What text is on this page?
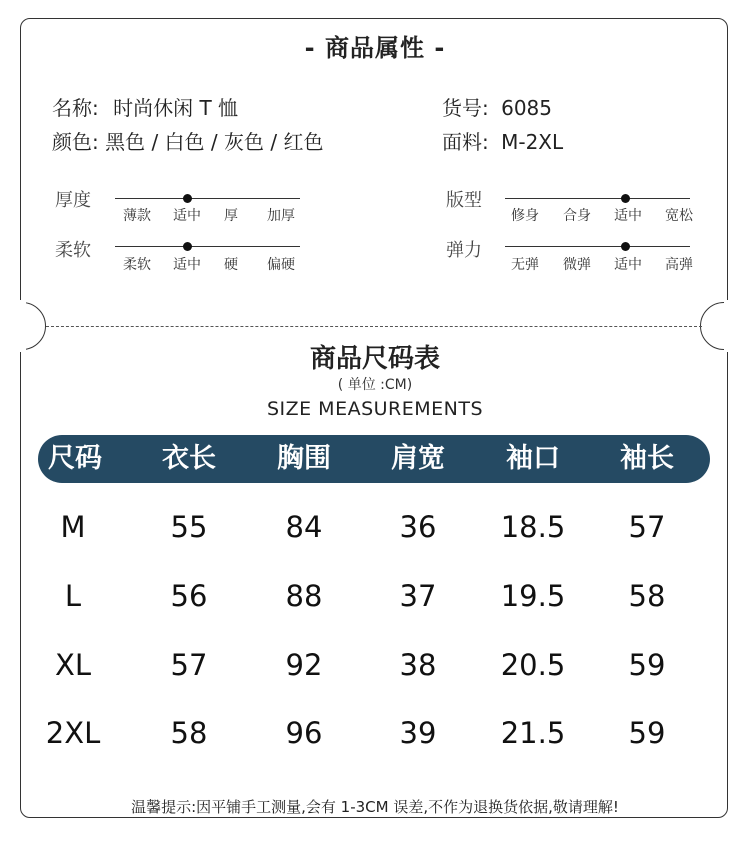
- 商品属性 -
名称: 时尚休闲 T 恤	货号: 6085
颜色: 黑色 / 白色 / 灰色 / 红色	面料: M-2XL
厚度
薄款 适中 厚 加厚
柔软
柔软 适中 硬 偏硬
版型
修身 合身 适中 宽松
弹力
无弹 微弹 适中 高弹
商品尺码表
( 单位 :CM)
SIZE MEASUREMENTS
尺码 衣长 胸围 肩宽 袖口 袖长
M	55	84	36 18.5 57
L	56	88	37 19.5 58
XL	57	92	38 20.5 59
2XL 58	96	39 21.5 59
温馨提示:因平铺手工测量,会有 1-3CM 误差,不作为退换货依据,敬请理解!
